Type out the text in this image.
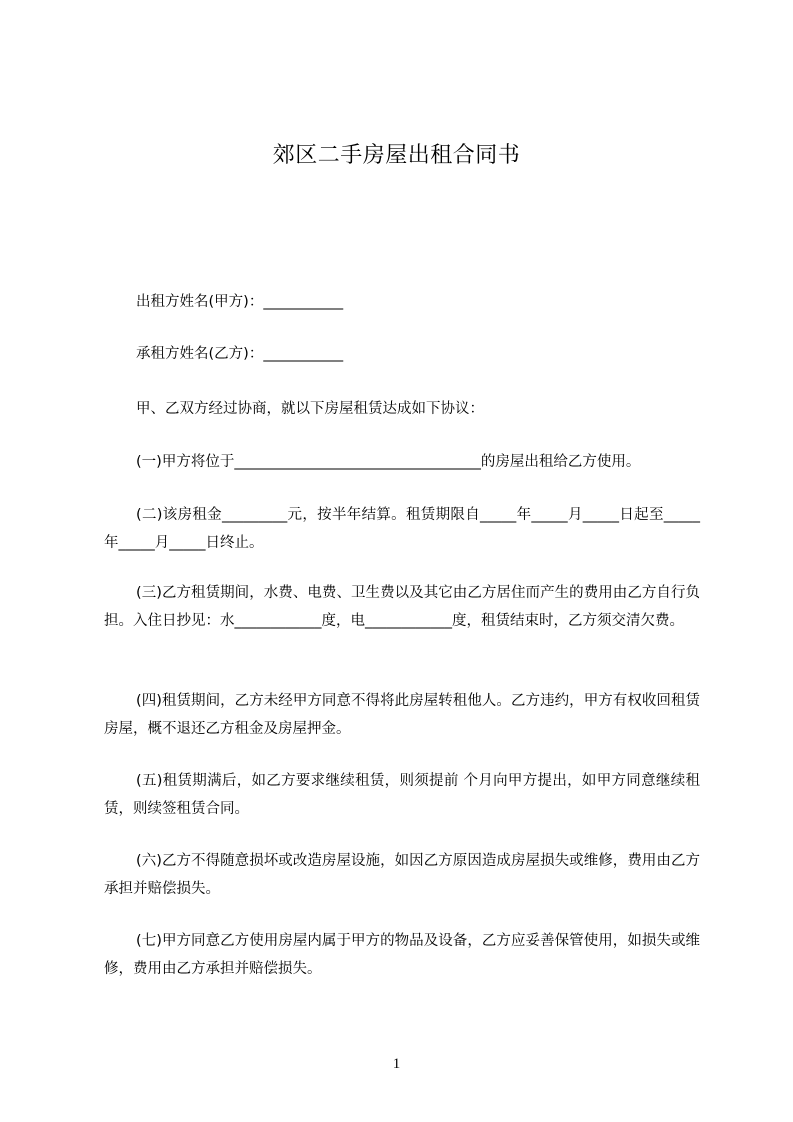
郊区二手房屋出租合同书
出租方姓名(甲方)：___________
承租方姓名(乙方)：___________
甲、乙双方经过协商，就以下房屋租赁达成如下协议：
(一)甲方将位于__________________________________的房屋出租给乙方使用。
(二)该房租金_________元，按半年结算。租赁期限自_____年_____月_____日起至_____年_____月_____日终止。
(三)乙方租赁期间，水费、电费、卫生费以及其它由乙方居住而产生的费用由乙方自行负担。入住日抄见：水____________度，电____________度，租赁结束时，乙方须交清欠费。
(四)租赁期间，乙方未经甲方同意不得将此房屋转租他人。乙方违约，甲方有权收回租赁房屋，概不退还乙方租金及房屋押金。
(五)租赁期满后，如乙方要求继续租赁，则须提前 个月向甲方提出，如甲方同意继续租赁，则续签租赁合同。
(六)乙方不得随意损坏或改造房屋设施，如因乙方原因造成房屋损失或维修，费用由乙方承担并赔偿损失。
(七)甲方同意乙方使用房屋内属于甲方的物品及设备，乙方应妥善保管使用，如损失或维修，费用由乙方承担并赔偿损失。
1
